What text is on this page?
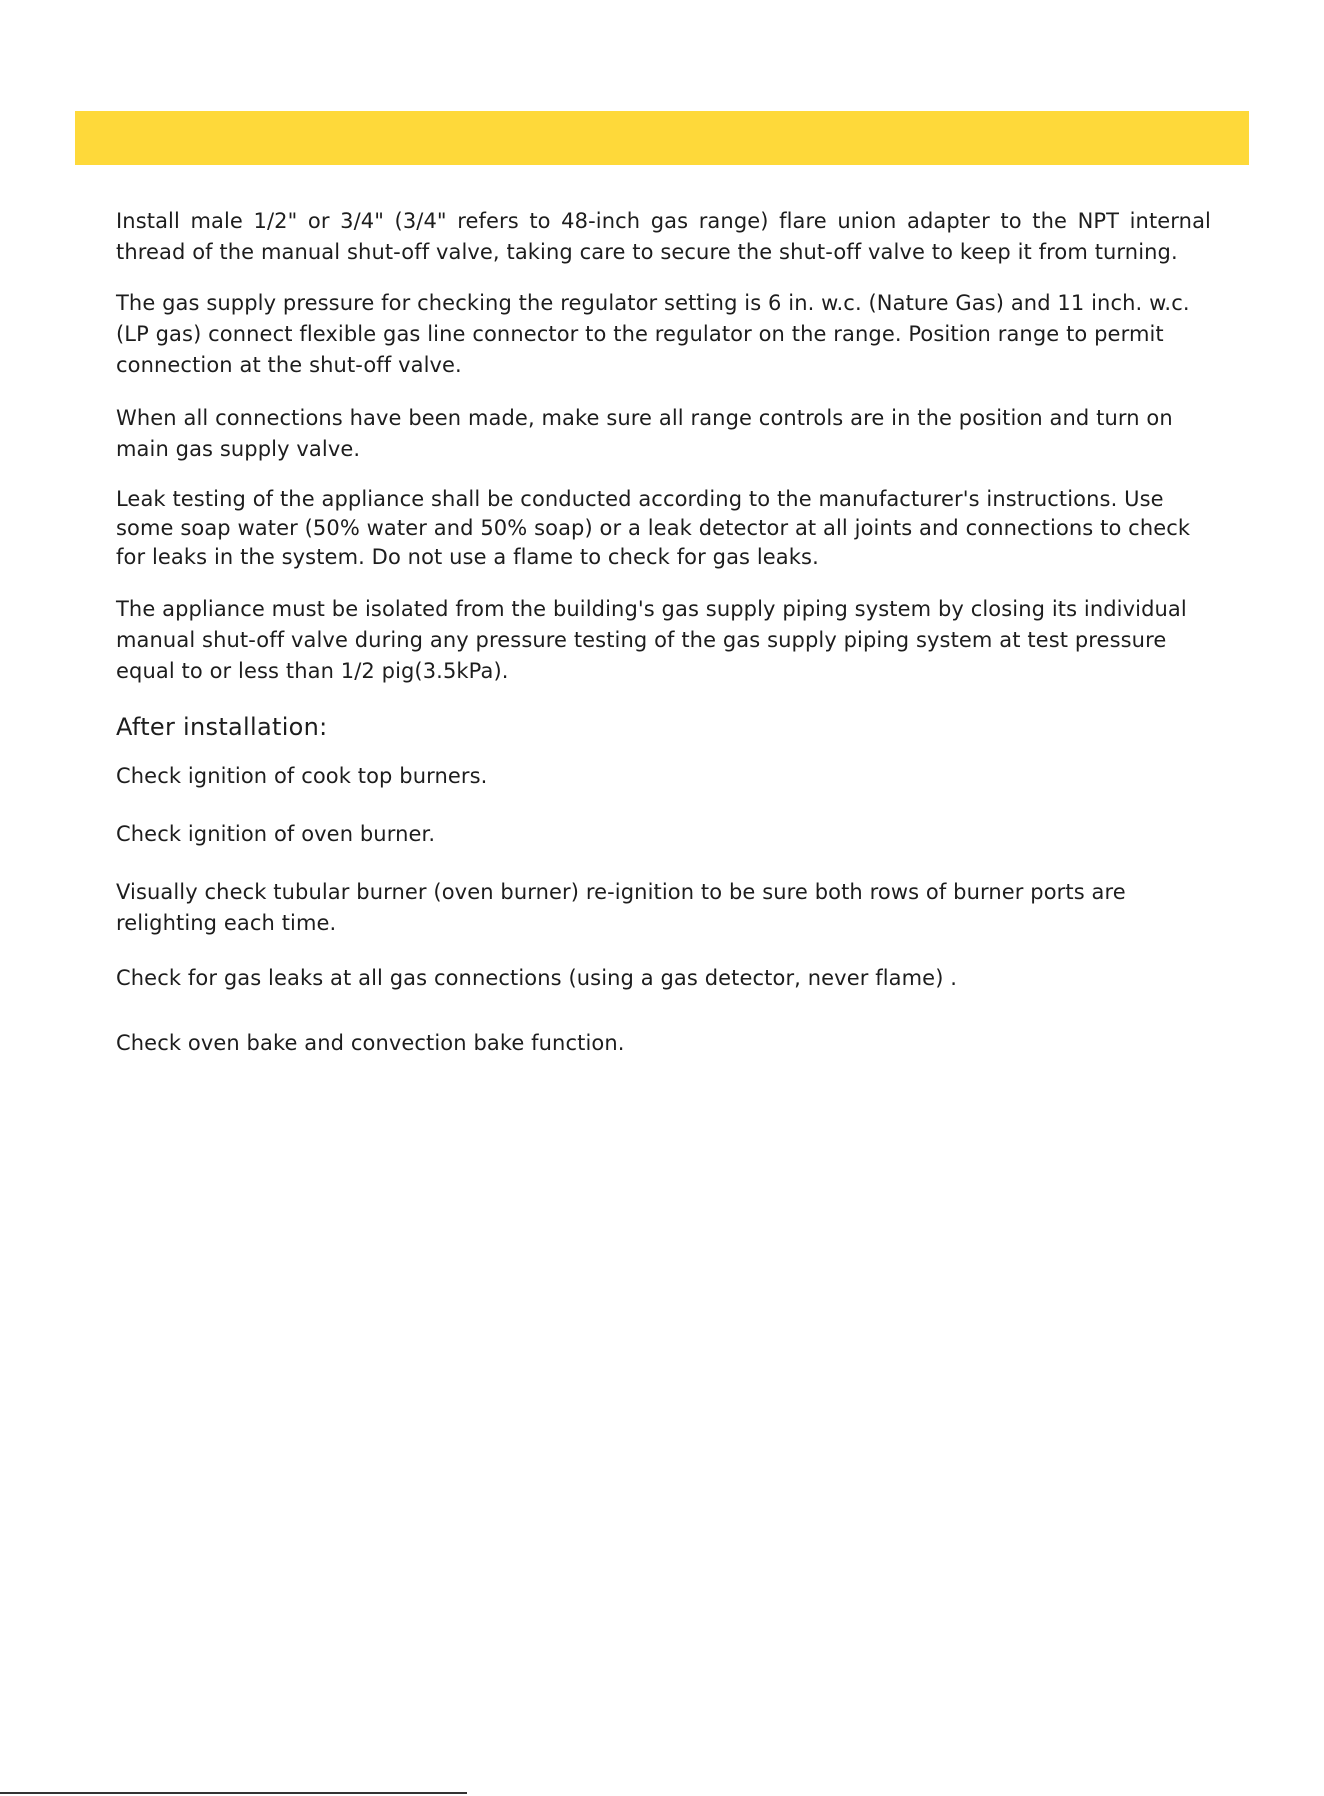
Install male 1/2" or 3/4" (3/4" refers to 48-inch gas range) flare union adapter to the NPT internal thread of the manual shut-off valve, taking care to secure the shut-off valve to keep it from turning.

The gas supply pressure for checking the regulator setting is 6 in. w.c. (Nature Gas) and 11 inch. w.c. (LP gas) connect flexible gas line connector to the regulator on the range. Position range to permit connection at the shut-off valve.

When all connections have been made, make sure all range controls are in the position and turn on main gas supply valve.

Leak testing of the appliance shall be conducted according to the manufacturer's instructions. Use some soap water (50% water and 50% soap) or a leak detector at all joints and connections to check for leaks in the system. Do not use a flame to check for gas leaks.

The appliance must be isolated from the building's gas supply piping system by closing its individual manual shut-off valve during any pressure testing of the gas supply piping system at test pressure equal to or less than 1/2 pig(3.5kPa).

After installation:

Check ignition of cook top burners.

Check ignition of oven burner.

Visually check tubular burner (oven burner) re-ignition to be sure both rows of burner ports are relighting each time.

Check for gas leaks at all gas connections (using a gas detector, never flame) .

Check oven bake and convection bake function.
